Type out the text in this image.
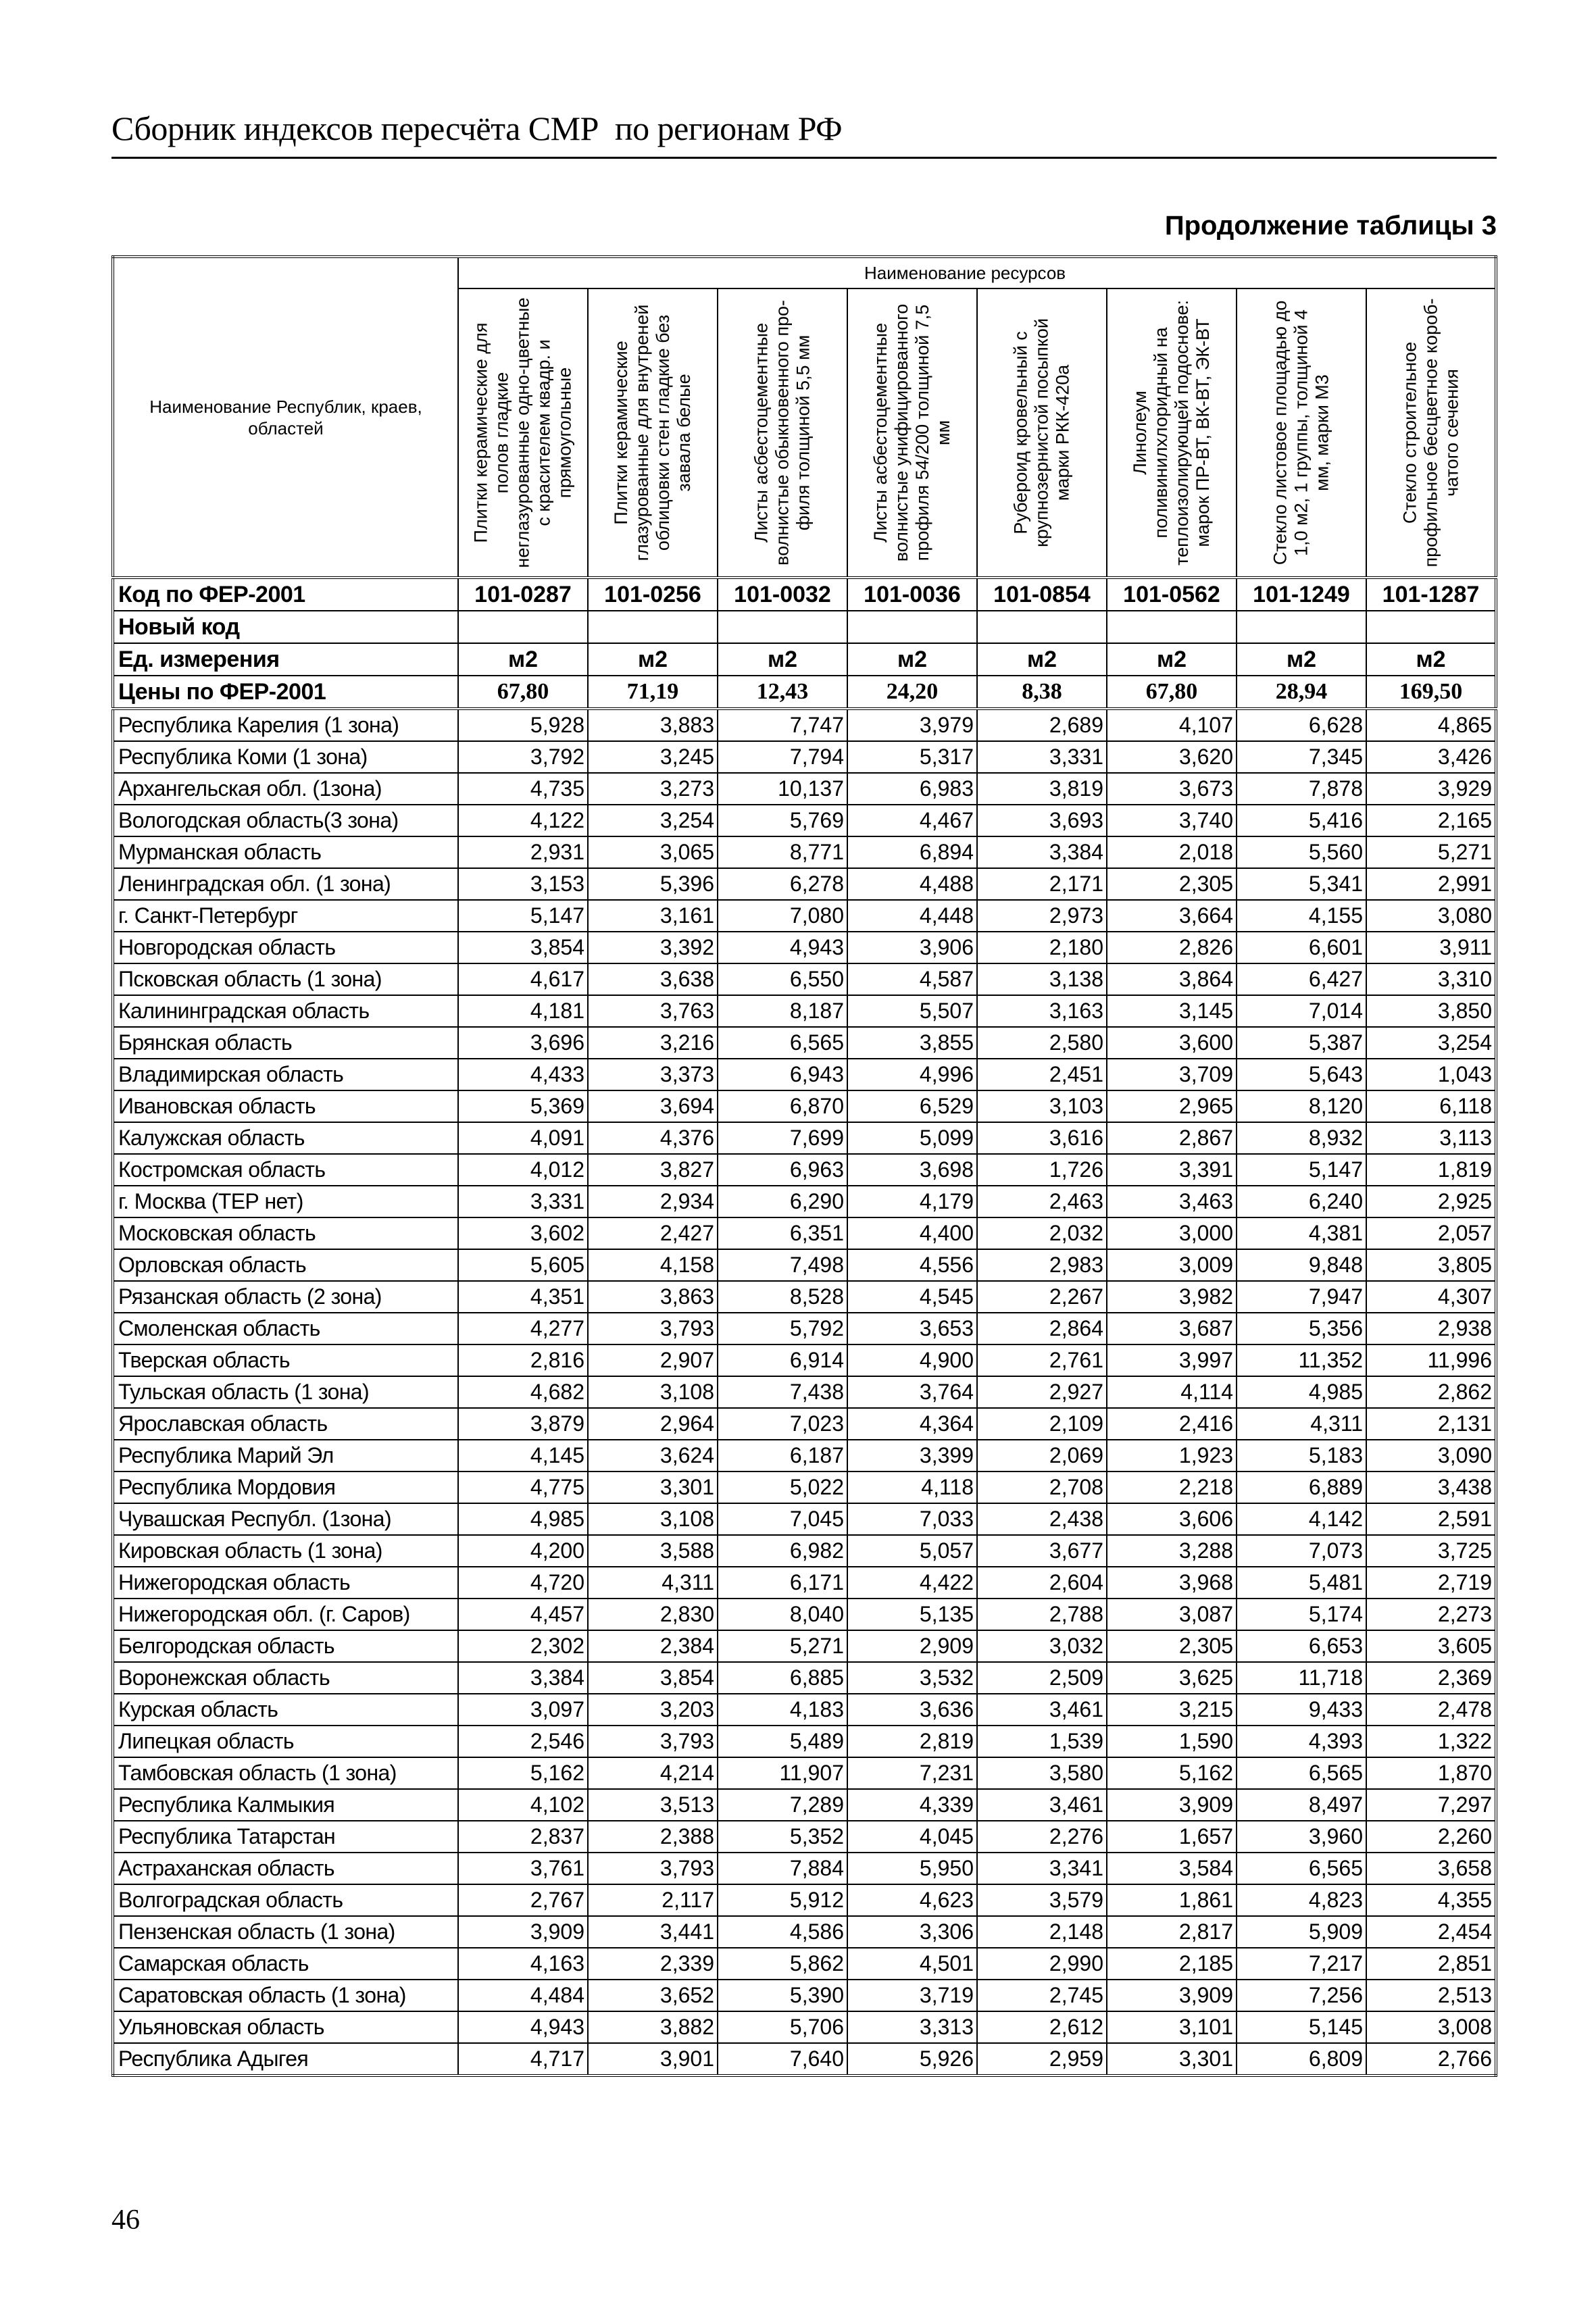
Сборник индексов пересчёта СМР  по регионам РФ
Продолжение таблицы 3
Наименование Республик, краев, областей	Наименование ресурсов							

	Плитки керамические для полов гладкие неглазурованные одно-цветные с красителем квадр. и прямоугольные	Плитки керамические глазурованные для внутреней облицовки стен гладкие без завала белые	Листы асбестоцементные волнистые обыкновенного про-филя толщиной 5,5 мм	Листы асбестоцементные волнистые унифицированного профиля 54/200 толщиной 7,5 мм	Рубероид кровельный с крупнозернистой посыпкой марки РКК-420а	Линолеум поливинилхлоридный на теплоизолирующей подоснове: марок ПР-ВТ, ВК-ВТ, ЭК-ВТ	Стекло листовое площадью до 1,0 м2, 1 группы, толщиной 4 мм, марки М3	Стекло строительное профильное бесцветное короб-чатого сечения

Код по ФЕР-2001	101-0287	101-0256	101-0032	101-0036	101-0854	101-0562	101-1249	101-1287
Новый код								
Ед. измерения	м2	м2	м2	м2	м2	м2	м2	м2
Цены по ФЕР-2001	67,80	71,19	12,43	24,20	8,38	67,80	28,94	169,50
Республика Карелия (1 зона)	5,928	3,883	7,747	3,979	2,689	4,107	6,628	4,865
Республика Коми (1 зона)	3,792	3,245	7,794	5,317	3,331	3,620	7,345	3,426
Архангельская обл. (1зона)	4,735	3,273	10,137	6,983	3,819	3,673	7,878	3,929
Вологодская область(3 зона)	4,122	3,254	5,769	4,467	3,693	3,740	5,416	2,165
Мурманская область	2,931	3,065	8,771	6,894	3,384	2,018	5,560	5,271
Ленинградская обл. (1 зона)	3,153	5,396	6,278	4,488	2,171	2,305	5,341	2,991
г. Санкт-Петербург	5,147	3,161	7,080	4,448	2,973	3,664	4,155	3,080
Новгородская область	3,854	3,392	4,943	3,906	2,180	2,826	6,601	3,911
Псковская область (1 зона)	4,617	3,638	6,550	4,587	3,138	3,864	6,427	3,310
Калининградская область	4,181	3,763	8,187	5,507	3,163	3,145	7,014	3,850
Брянская область	3,696	3,216	6,565	3,855	2,580	3,600	5,387	3,254
Владимирская область	4,433	3,373	6,943	4,996	2,451	3,709	5,643	1,043
Ивановская область	5,369	3,694	6,870	6,529	3,103	2,965	8,120	6,118
Калужская область	4,091	4,376	7,699	5,099	3,616	2,867	8,932	3,113
Костромская область	4,012	3,827	6,963	3,698	1,726	3,391	5,147	1,819
г. Москва (ТЕР нет)	3,331	2,934	6,290	4,179	2,463	3,463	6,240	2,925
Московская область	3,602	2,427	6,351	4,400	2,032	3,000	4,381	2,057
Орловская область	5,605	4,158	7,498	4,556	2,983	3,009	9,848	3,805
Рязанская область (2 зона)	4,351	3,863	8,528	4,545	2,267	3,982	7,947	4,307
Смоленская область	4,277	3,793	5,792	3,653	2,864	3,687	5,356	2,938
Тверская область	2,816	2,907	6,914	4,900	2,761	3,997	11,352	11,996
Тульская область (1 зона)	4,682	3,108	7,438	3,764	2,927	4,114	4,985	2,862
Ярославская область	3,879	2,964	7,023	4,364	2,109	2,416	4,311	2,131
Республика Марий Эл	4,145	3,624	6,187	3,399	2,069	1,923	5,183	3,090
Республика Мордовия	4,775	3,301	5,022	4,118	2,708	2,218	6,889	3,438
Чувашская Республ. (1зона)	4,985	3,108	7,045	7,033	2,438	3,606	4,142	2,591
Кировская область (1 зона)	4,200	3,588	6,982	5,057	3,677	3,288	7,073	3,725
Нижегородская область	4,720	4,311	6,171	4,422	2,604	3,968	5,481	2,719
Нижегородская обл. (г. Саров)	4,457	2,830	8,040	5,135	2,788	3,087	5,174	2,273
Белгородская область	2,302	2,384	5,271	2,909	3,032	2,305	6,653	3,605
Воронежская область	3,384	3,854	6,885	3,532	2,509	3,625	11,718	2,369
Курская область	3,097	3,203	4,183	3,636	3,461	3,215	9,433	2,478
Липецкая область	2,546	3,793	5,489	2,819	1,539	1,590	4,393	1,322
Тамбовская область (1 зона)	5,162	4,214	11,907	7,231	3,580	5,162	6,565	1,870
Республика Калмыкия	4,102	3,513	7,289	4,339	3,461	3,909	8,497	7,297
Республика Татарстан	2,837	2,388	5,352	4,045	2,276	1,657	3,960	2,260
Астраханская область	3,761	3,793	7,884	5,950	3,341	3,584	6,565	3,658
Волгоградская область	2,767	2,117	5,912	4,623	3,579	1,861	4,823	4,355
Пензенская область (1 зона)	3,909	3,441	4,586	3,306	2,148	2,817	5,909	2,454
Самарская область	4,163	2,339	5,862	4,501	2,990	2,185	7,217	2,851
Саратовская область (1 зона)	4,484	3,652	5,390	3,719	2,745	3,909	7,256	2,513
Ульяновская область	4,943	3,882	5,706	3,313	2,612	3,101	5,145	3,008
Республика Адыгея	4,717	3,901	7,640	5,926	2,959	3,301	6,809	2,766
46
